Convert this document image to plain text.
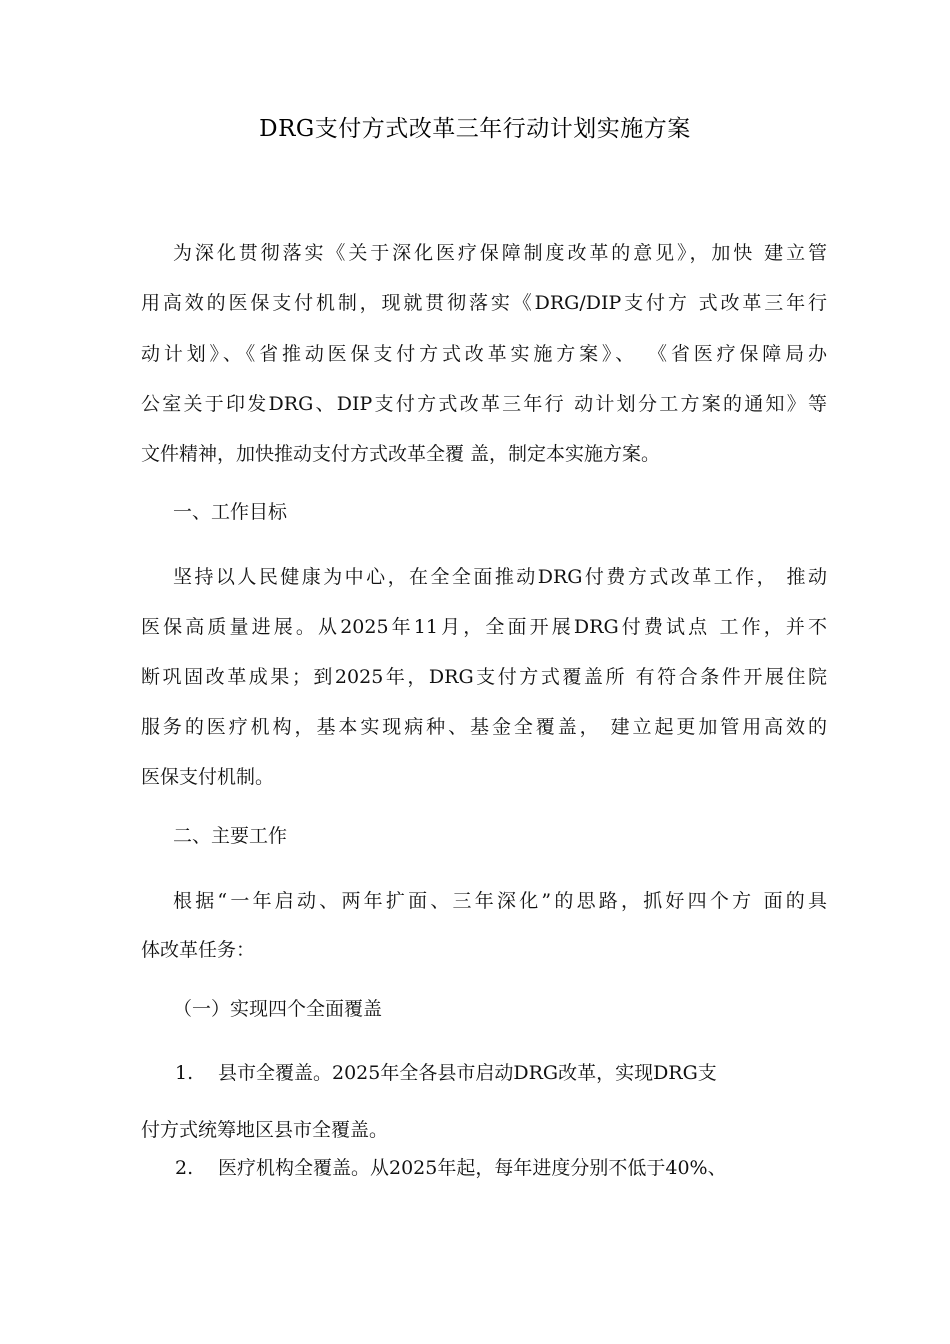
DRG支付方式改革三年行动计划实施方案
为深化贯彻落实《关于深化医疗保障制度改革的意见》，加快 建立管
用高效的医保支付机制，现就贯彻落实《DRG/DIP支付方 式改革三年行
动计划》、《省推动医保支付方式改革实施方案》、 《省医疗保障局办
公室关于印发DRG、DIP支付方式改革三年行 动计划分工方案的通知》等
文件精神，加快推动支付方式改革全覆 盖，制定本实施方案。
一、工作目标
坚持以人民健康为中心，在全全面推动DRG付费方式改革工作， 推动
医保高质量进展。从2025年11月，全面开展DRG付费试点 工作，并不
断巩固改革成果；到2025年，DRG支付方式覆盖所 有符合条件开展住院
服务的医疗机构，基本实现病种、基金全覆盖， 建立起更加管用高效的
医保支付机制。
二、主要工作
根据“一年启动、两年扩面、三年深化”的思路，抓好四个方 面的具
体改革任务：
（一）实现四个全面覆盖
1. 县市全覆盖。2025年全各县市启动DRG改革，实现DRG支
付方式统筹地区县市全覆盖。
2. 医疗机构全覆盖。从2025年起，每年进度分别不低于40%、
